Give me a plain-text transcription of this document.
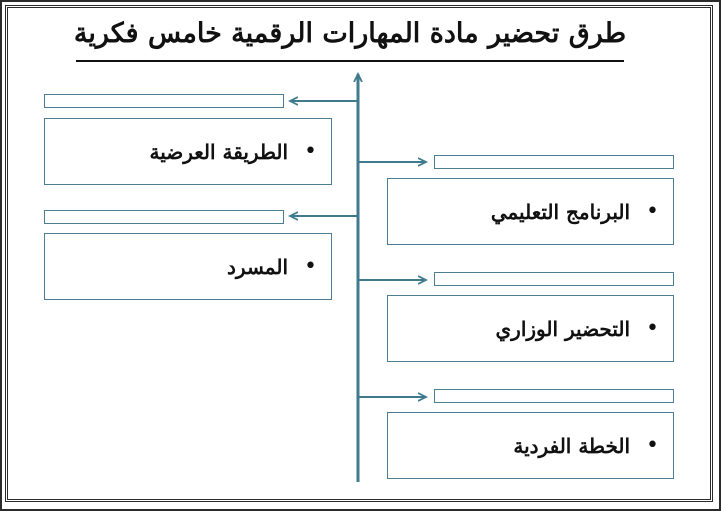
طرق تحضير مادة المهارات الرقمية خامس فكرية
•
الطريقة العرضية
•
المسرد
•
البرنامج التعليمي
•
التحضير الوزاري
•
الخطة الفردية
